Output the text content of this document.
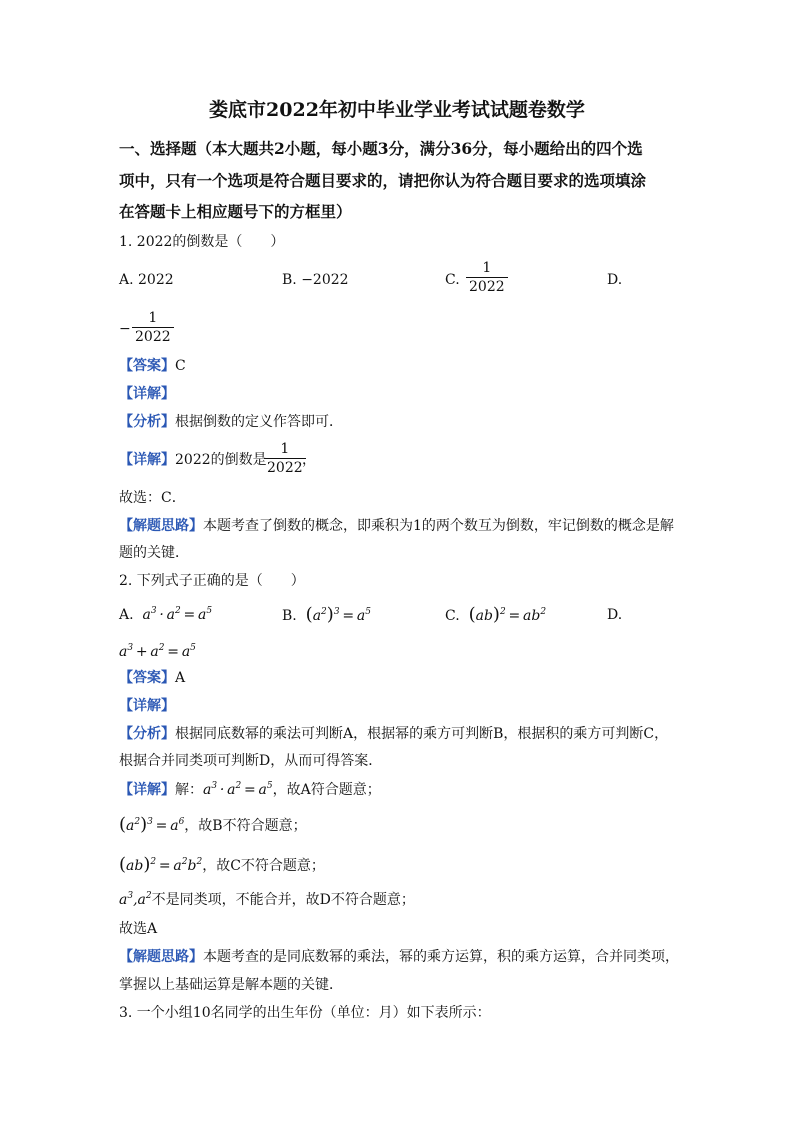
娄底市2022年初中毕业学业考试试题卷数学
一、选择题（本大题共2小题，每小题3分，满分36分，每小题给出的四个选
项中，只有一个选项是符合题目要求的，请把你认为符合题目要求的选项填涂
在答题卡上相应题号下的方框里）
1. 2022的倒数是（　　）
A. 2022	B. −2022	C. $\frac{1}{2022}$	D.
− $\frac{1}{2022}$
【答案】C
【详解】
【分析】根据倒数的定义作答即可．
【详解】2022的倒数是
$\frac{1}{2022}$
，
故选：C．
【解题思路】本题考查了倒数的概念，即乘积为1的两个数互为倒数，牢记倒数的概念是解
题的关键．
2. 下列式子正确的是（　　）
A. $a^3 \cdot a^2 = a^5$	B. $(a^2)^3 = a^5$	C. $(ab)^2 = ab^2$	D.
$a^3 + a^2 = a^5$
【答案】A
【详解】
【分析】根据同底数幂的乘法可判断A，根据幂的乘方可判断B，根据积的乘方可判断C，
根据合并同类项可判断D，从而可得答案．
【详解】解：$a^3 \cdot a^2 = a^5$，故A符合题意；
$(a^2)^3 = a^6$，故B不符合题意；
$(ab)^2 = a^2b^2$，故C不符合题意；
$a^3,a^2$不是同类项，不能合并，故D不符合题意；
故选A
【解题思路】本题考查的是同底数幂的乘法，幂的乘方运算，积的乘方运算，合并同类项，
掌握以上基础运算是解本题的关键．
3. 一个小组10名同学的出生年份（单位：月）如下表所示：
